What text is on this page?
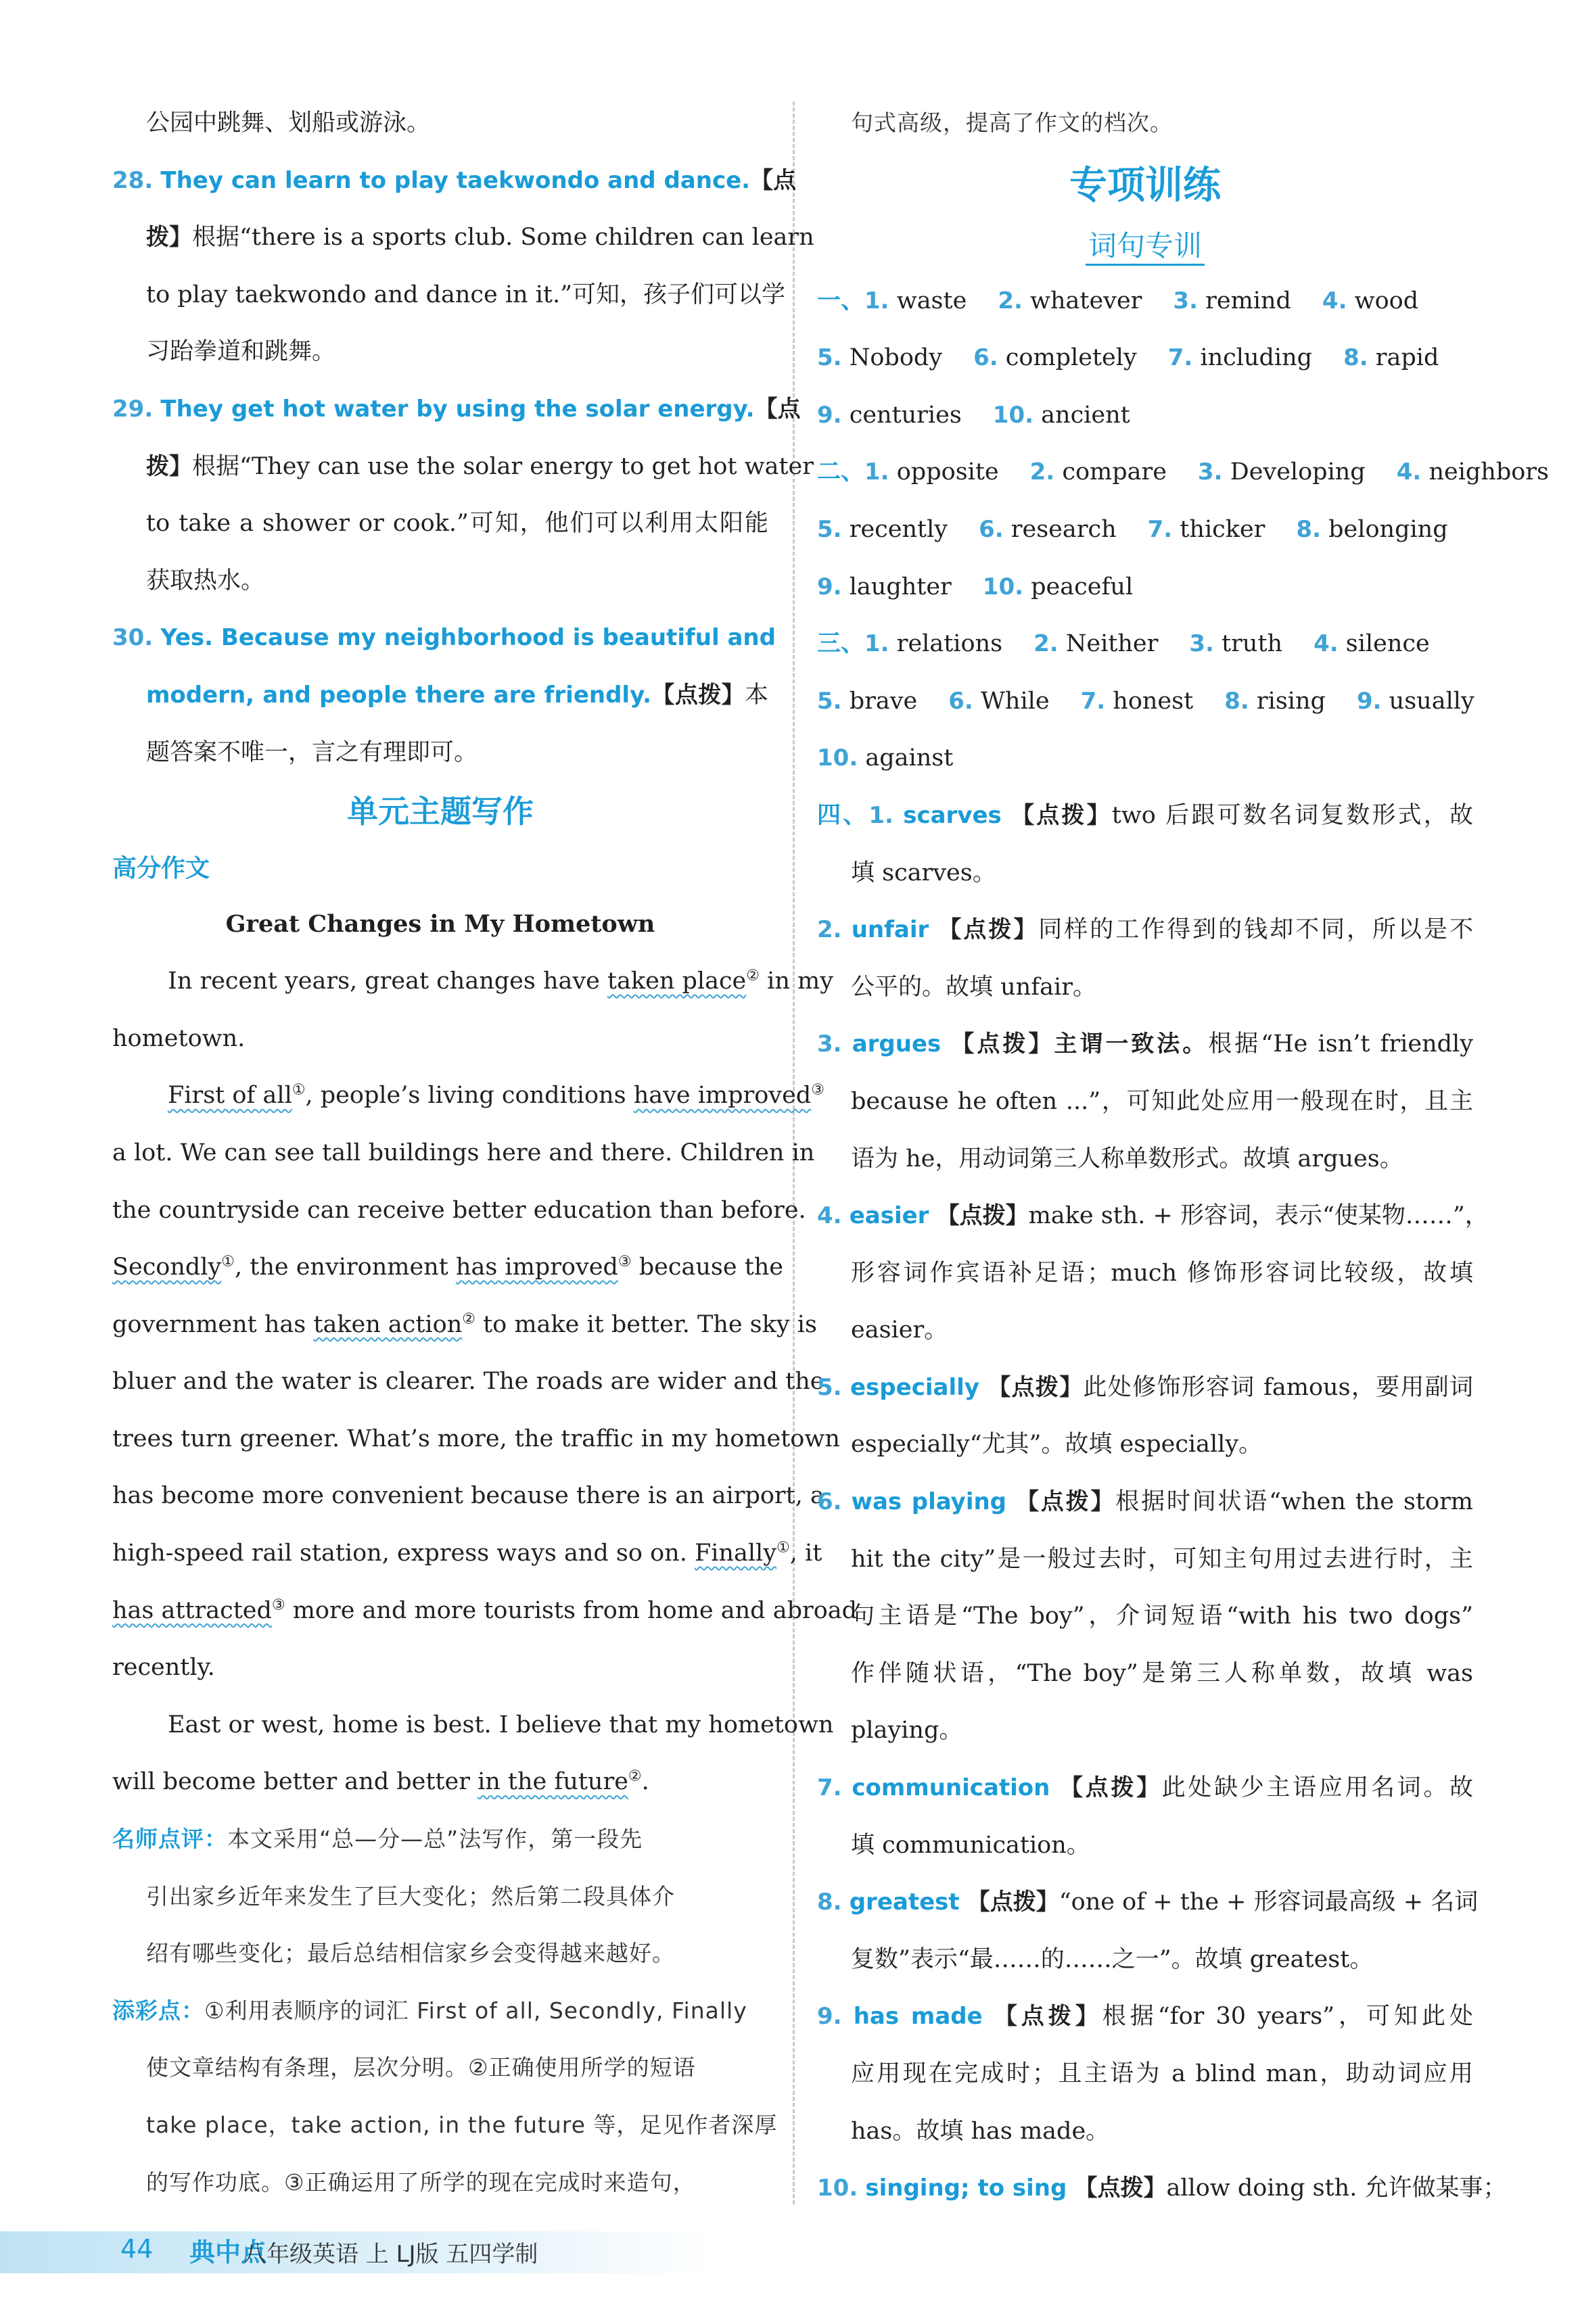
公园中跳舞、划船或游泳。
28. They can learn to play taekwondo and dance.【点
拨】根据“there is a sports club. Some children can learn
to play taekwondo and dance in it.”可知，孩子们可以学
习跆拳道和跳舞。
29. They get hot water by using the solar energy.【点
拨】根据“They can use the solar energy to get hot water
to take a shower or cook.”可知，他们可以利用太阳能
获取热水。
30. Yes. Because my neighborhood is beautiful and
modern, and people there are friendly.【点拨】本
题答案不唯一，言之有理即可。
单元主题写作
高分作文
Great Changes in My Hometown
In recent years, great changes have taken place② in my
hometown.
First of all①, people’s living conditions have improved③
a lot. We can see tall buildings here and there. Children in
the countryside can receive better education than before.
Secondly①, the environment has improved③ because the
government has taken action② to make it better. The sky is
bluer and the water is clearer. The roads are wider and the
trees turn greener. What’s more, the traffic in my hometown
has become more convenient because there is an airport, a
high-speed rail station, express ways and so on. Finally①, it
has attracted③ more and more tourists from home and abroad
recently.
East or west, home is best. I believe that my hometown
will become better and better in the future②.
名师点评：本文采用“总—分—总”法写作，第一段先
引出家乡近年来发生了巨大变化；然后第二段具体介
绍有哪些变化；最后总结相信家乡会变得越来越好。
添彩点：①利用表顺序的词汇 First of all, Secondly, Finally
使文章结构有条理，层次分明。②正确使用所学的短语
take place，take action, in the future 等，足见作者深厚
的写作功底。③正确运用了所学的现在完成时来造句，
句式高级，提高了作文的档次。
专项训练
词句专训
一、1. waste 2. whatever 3. remind 4. wood
5. Nobody 6. completely 7. including 8. rapid
9. centuries 10. ancient
二、1. opposite 2. compare 3. Developing 4. neighbors
5. recently 6. research 7. thicker 8. belonging
9. laughter 10. peaceful
三、1. relations 2. Neither 3. truth 4. silence
5. brave 6. While 7. honest 8. rising 9. usually
10. against
四、1. scarves 【点拨】two 后跟可数名词复数形式，故
填 scarves。
2. unfair 【点拨】同样的工作得到的钱却不同，所以是不
公平的。故填 unfair。
3. argues 【点拨】主谓一致法。根据“He isn’t friendly
because he often ...”，可知此处应用一般现在时，且主
语为 he，用动词第三人称单数形式。故填 argues。
4. easier 【点拨】make sth. + 形容词，表示“使某物……”，
形容词作宾语补足语；much 修饰形容词比较级，故填
easier。
5. especially 【点拨】此处修饰形容词 famous，要用副词
especially“尤其”。故填 especially。
6. was playing 【点拨】根据时间状语“when the storm
hit the city”是一般过去时，可知主句用过去进行时，主
句主语是“The boy”，介词短语“with his two dogs”
作伴随状语，“The boy”是第三人称单数，故填 was
playing。
7. communication 【点拨】此处缺少主语应用名词。故
填 communication。
8. greatest 【点拨】“one of + the + 形容词最高级 + 名词
复数”表示“最……的……之一”。故填 greatest。
9. has made 【点拨】根据“for 30 years”，可知此处
应用现在完成时；且主语为 a blind man，助动词应用
has。故填 has made。
10. singing; to sing 【点拨】allow doing sth. 允许做某事；
44 典中点
八年级英语 上 LJ版 五四学制
